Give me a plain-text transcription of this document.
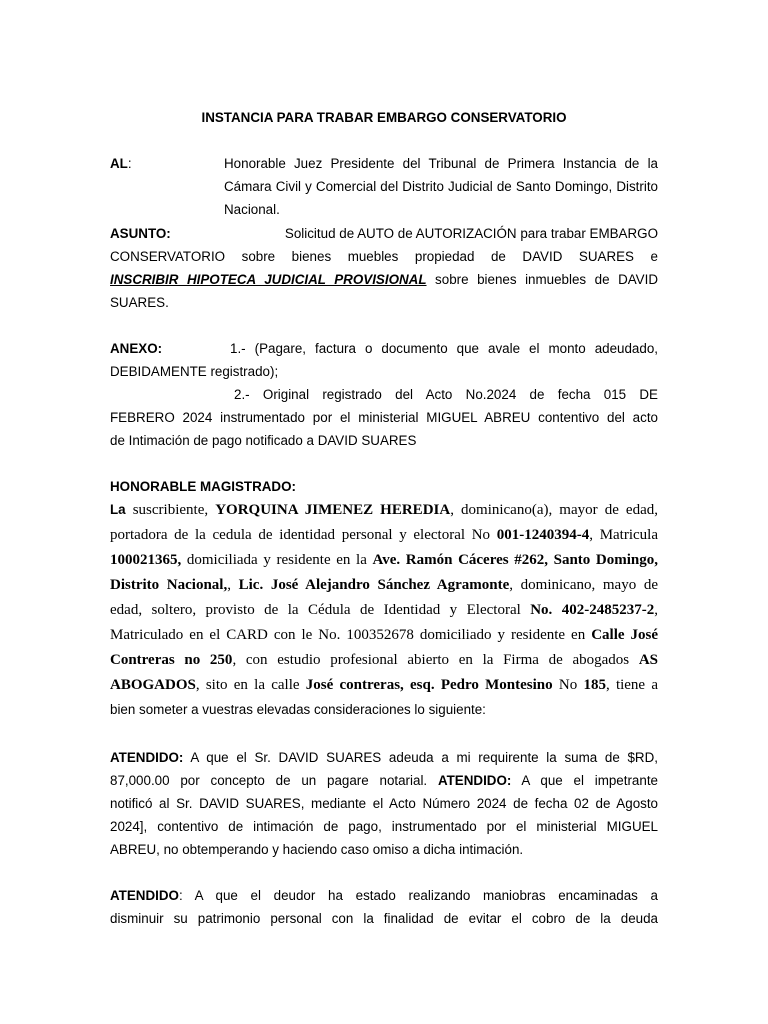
INSTANCIA PARA TRABAR EMBARGO CONSERVATORIO
AL:	Honorable Juez Presidente del Tribunal de Primera Instancia de la Cámara Civil y Comercial del Distrito Judicial de Santo Domingo, Distrito Nacional.
ASUNTO:	Solicitud de AUTO de AUTORIZACIÓN para trabar EMBARGO
CONSERVATORIO sobre bienes muebles propiedad de DAVID SUARES e
INSCRIBIR HIPOTECA JUDICIAL PROVISIONAL sobre bienes inmuebles de DAVID
SUARES.
ANEXO:	1.- (Pagare, factura o documento que avale el monto adeudado,
DEBIDAMENTE registrado);
2.- Original registrado del Acto No.2024 de fecha 015 DE
FEBRERO 2024 instrumentado por el ministerial MIGUEL ABREU contentivo del acto
de Intimación de pago notificado a DAVID SUARES
HONORABLE MAGISTRADO:
La suscribiente, YORQUINA JIMENEZ HEREDIA, dominicano(a), mayor de edad,
portadora de la cedula de identidad personal y electoral No 001-1240394-4, Matricula
100021365, domiciliada y residente en la Ave. Ramón Cáceres #262, Santo Domingo,
Distrito Nacional,, Lic. José Alejandro Sánchez Agramonte, dominicano, mayo de
edad, soltero, provisto de la Cédula de Identidad y Electoral No. 402-2485237-2,
Matriculado en el CARD con le No. 100352678 domiciliado y residente en Calle José
Contreras no 250, con estudio profesional abierto en la Firma de abogados AS
ABOGADOS, sito en la calle José contreras, esq. Pedro Montesino No 185, tiene a
bien someter a vuestras elevadas consideraciones lo siguiente:
ATENDIDO: A que el Sr. DAVID SUARES adeuda a mi requirente la suma de $RD,
87,000.00 por concepto de un pagare notarial. ATENDIDO: A que el impetrante
notificó al Sr. DAVID SUARES, mediante el Acto Número 2024 de fecha 02 de Agosto
2024], contentivo de intimación de pago, instrumentado por el ministerial MIGUEL
ABREU, no obtemperando y haciendo caso omiso a dicha intimación.
ATENDIDO: A que el deudor ha estado realizando maniobras encaminadas a
disminuir su patrimonio personal con la finalidad de evitar el cobro de la deuda
